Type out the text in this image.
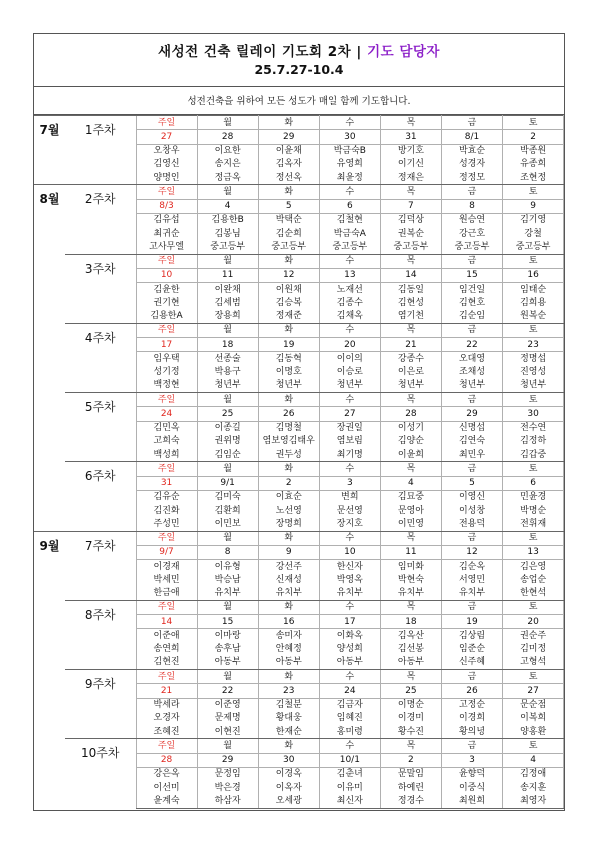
새성전 건축 릴레이 기도회 2차 | 기도 담당자
25.7.27-10.4
성전건축을 위하여 모든 성도가 매일 함께 기도합니다.
7월	1주차	주일	월	화	수	목	금	토
		27	28	29	30	31	8/1	2
		오창우	이요한	이윤채	박금숙B	방기호	박효순	박종원
		김영신	송지은	김옥자	유영희	이기신	성경자	유종희
		양명인	정금옥	정선옥	최윤정	정재은	정정모	조현정
8월	2주차	주일	월	화	수	목	금	토
		8/3	4	5	6	7	8	9
		김유섭	김용한B	박택순	김철현	김덕상	원승연	김기영
		최귀순	김봉님	김순희	박금숙A	권복순	강근호	강철
		고사무엘	중고등부	중고등부	중고등부	중고등부	중고등부	중고등부
	3주차	주일	월	화	수	목	금	토
		10	11	12	13	14	15	16
		김윤한	이완채	이원채	노재선	김동일	임건일	임태순
		권기현	김세범	김승복	김종수	김현성	김현호	김희용
		김용한A	장용희	정재준	김채옥	염기천	김순임	원복순
	4주차	주일	월	화	수	목	금	토
		17	18	19	20	21	22	23
		임우택	선종술	김동혁	이이의	강종수	오대영	정명섭
		성기정	박용구	이명호	이승로	이은로	조채성	진영성
		백정현	청년부	청년부	청년부	청년부	청년부	청년부
	5주차	주일	월	화	수	목	금	토
		24	25	26	27	28	29	30
		김민옥	이종길	김명철	장권일	이성기	신명섭	전수연
		고희숙	권위명	염보영김태우	염보림	김양순	김연숙	김정하
		백성희	김임순	권두성	최기명	이윤희	최민우	김갑중
	6주차	주일	월	화	수	목	금	토
		31	9/1	2	3	4	5	6
		김유순	김미숙	이효순	변희	김묘중	이영신	민윤경
		김진화	김환희	노선영	문선영	문영아	이성창	박명순
		주성민	이민보	장명희	장지호	이민영	전용덕	전휘재
9월	7주차	주일	월	화	수	목	금	토
		9/7	8	9	10	11	12	13
		이경재	이유형	강선주	한신자	임미화	김순옥	김은영
		박세민	박승남	신재성	박영옥	박현숙	서영민	송업순
		한금애	유치부	유치부	유치부	유치부	유치부	한현석
	8주차	주일	월	화	수	목	금	토
		14	15	16	17	18	19	20
		이준애	이마랑	송미자	이화옥	김옥산	김상림	권순주
		송연희	송후남	안혜정	양성희	김선봉	임준순	김미정
		김현진	아동부	아동부	아동부	아동부	신주혜	고형석
	9주차	주일	월	화	수	목	금	토
		21	22	23	24	25	26	27
		박세라	이준영	김철분	김금자	이명순	고정순	문순점
		오경자	문제명	황대웅	임혜진	이경미	이경희	이복희
		조혜진	이현진	한재순	홍미령	황수진	황의녕	양홍환
	10주차	주일	월	화	수	목	금	토
		28	29	30	10/1	2	3	4
		강은옥	문정임	이경옥	김춘녀	문말임	윤향덕	김정애
		이선미	박은경	이옥자	이유미	하예린	이중식	송지훈
		윤계숙	하삼자	오세광	최신자	정경수	최원희	최영자
